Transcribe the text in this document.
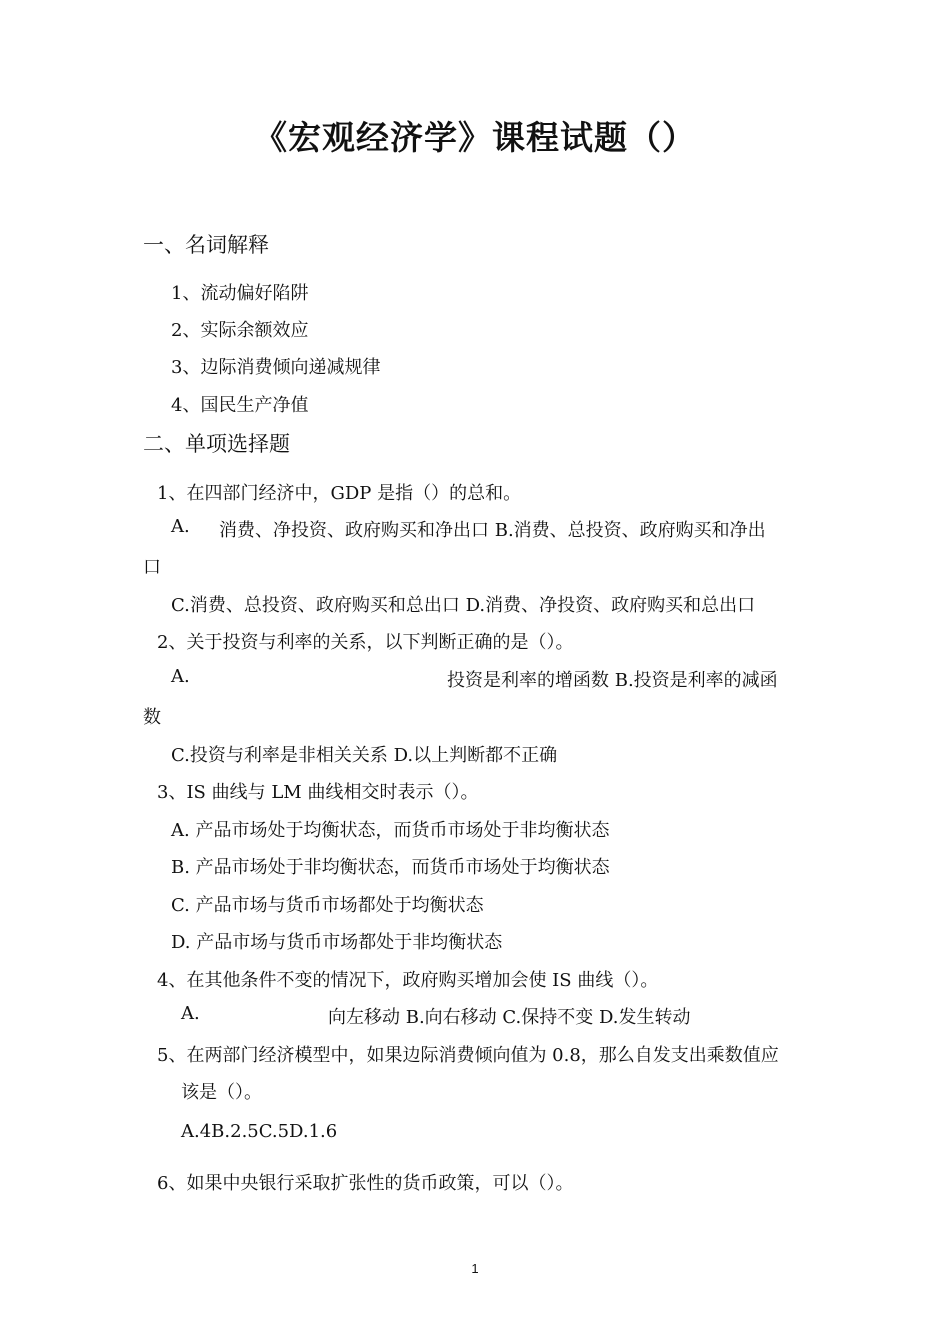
《宏观经济学》课程试题（）
一、名词解释
1、流动偏好陷阱
2、实际余额效应
3、边际消费倾向递减规律
4、国民生产净值
二、单项选择题
1、在四部门经济中，GDP 是指（）的总和。
A. 消费、净投资、政府购买和净出口 B.消费、总投资、政府购买和净出
口
C.消费、总投资、政府购买和总出口 D.消费、净投资、政府购买和总出口
2、关于投资与利率的关系，以下判断正确的是（）。
A.	投资是利率的增函数 B.投资是利率的减函
数
C.投资与利率是非相关关系 D.以上判断都不正确
3、IS 曲线与 LM 曲线相交时表示（）。
A. 产品市场处于均衡状态，而货币市场处于非均衡状态
B. 产品市场处于非均衡状态，而货币市场处于均衡状态
C. 产品市场与货币市场都处于均衡状态
D. 产品市场与货币市场都处于非均衡状态
4、在其他条件不变的情况下，政府购买增加会使 IS 曲线（）。
A.	向左移动 B.向右移动 C.保持不变 D.发生转动
5、在两部门经济模型中，如果边际消费倾向值为 0.8，那么自发支出乘数值应
该是（）。
A.4B.2.5C.5D.1.6
6、如果中央银行采取扩张性的货币政策，可以（）。
1
